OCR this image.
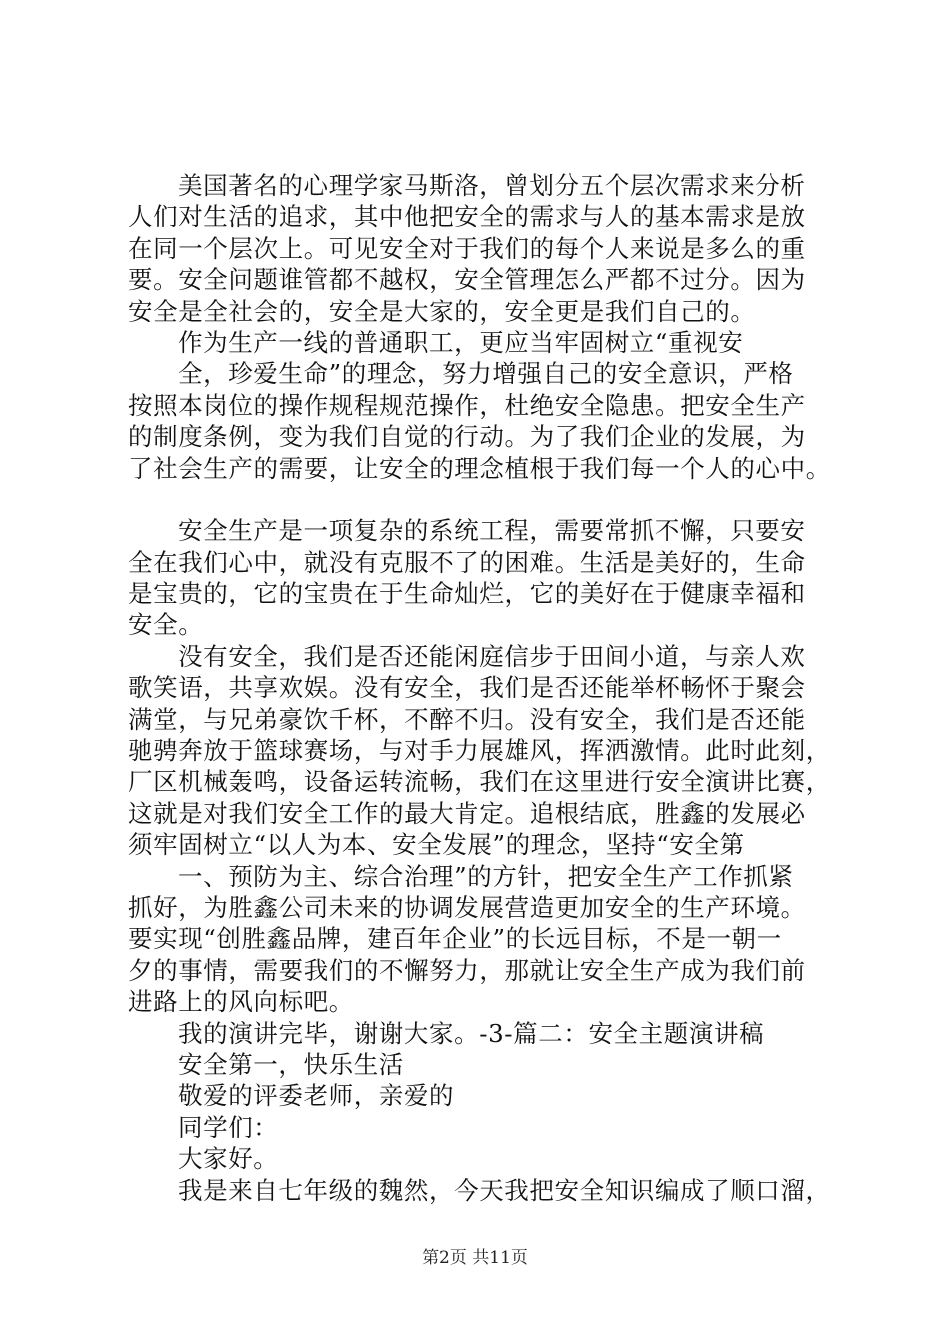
美国著名的心理学家马斯洛，曾划分五个层次需求来分析
人们对生活的追求，其中他把安全的需求与人的基本需求是放
在同一个层次上。可见安全对于我们的每个人来说是多么的重
要。安全问题谁管都不越权，安全管理怎么严都不过分。因为
安全是全社会的，安全是大家的，安全更是我们自己的。
作为生产一线的普通职工，更应当牢固树立“重视安
全，珍爱生命”的理念，努力增强自己的安全意识，严格
按照本岗位的操作规程规范操作，杜绝安全隐患。把安全生产
的制度条例，变为我们自觉的行动。为了我们企业的发展，为
了社会生产的需要，让安全的理念植根于我们每一个人的心中。
安全生产是一项复杂的系统工程，需要常抓不懈，只要安
全在我们心中，就没有克服不了的困难。生活是美好的，生命
是宝贵的，它的宝贵在于生命灿烂，它的美好在于健康幸福和
安全。
没有安全，我们是否还能闲庭信步于田间小道，与亲人欢
歌笑语，共享欢娱。没有安全，我们是否还能举杯畅怀于聚会
满堂，与兄弟豪饮千杯，不醉不归。没有安全，我们是否还能
驰骋奔放于篮球赛场，与对手力展雄风，挥洒激情。此时此刻，
厂区机械轰鸣，设备运转流畅，我们在这里进行安全演讲比赛，
这就是对我们安全工作的最大肯定。追根结底，胜鑫的发展必
须牢固树立“以人为本、安全发展”的理念，坚持“安全第
一、预防为主、综合治理”的方针，把安全生产工作抓紧
抓好，为胜鑫公司未来的协调发展营造更加安全的生产环境。
要实现“创胜鑫品牌，建百年企业”的长远目标，不是一朝一
夕的事情，需要我们的不懈努力，那就让安全生产成为我们前
进路上的风向标吧。
我的演讲完毕，谢谢大家。-3-篇二：安全主题演讲稿
安全第一，快乐生活
敬爱的评委老师，亲爱的
同学们：
大家好。
我是来自七年级的魏然，今天我把安全知识编成了顺口溜，
第2页 共11页
